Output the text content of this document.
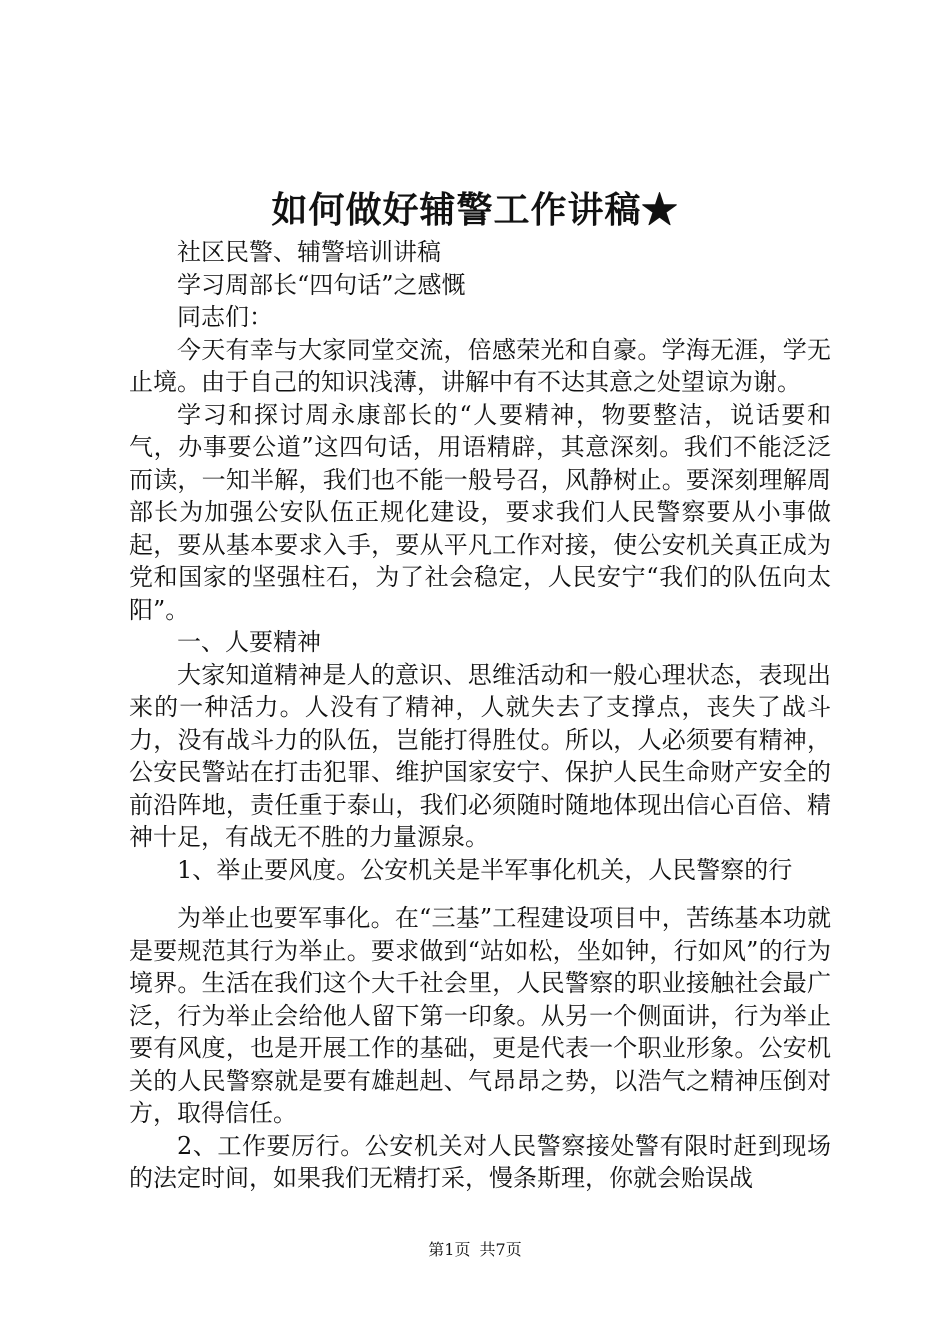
如何做好辅警工作讲稿★

社区民警、辅警培训讲稿

学习周部长“四句话”之感慨

同志们：

今天有幸与大家同堂交流，倍感荣光和自豪。学海无涯，学无止境。由于自己的知识浅薄，讲解中有不达其意之处望谅为谢。

学习和探讨周永康部长的“人要精神，物要整洁，说话要和气，办事要公道”这四句话，用语精辟，其意深刻。我们不能泛泛而读，一知半解，我们也不能一般号召，风静树止。要深刻理解周部长为加强公安队伍正规化建设，要求我们人民警察要从小事做起，要从基本要求入手，要从平凡工作对接，使公安机关真正成为党和国家的坚强柱石，为了社会稳定，人民安宁“我们的队伍向太阳”。

一、人要精神

大家知道精神是人的意识、思维活动和一般心理状态，表现出来的一种活力。人没有了精神，人就失去了支撑点，丧失了战斗力，没有战斗力的队伍，岂能打得胜仗。所以，人必须要有精神，公安民警站在打击犯罪、维护国家安宁、保护人民生命财产安全的前沿阵地，责任重于泰山，我们必须随时随地体现出信心百倍、精神十足，有战无不胜的力量源泉。

1、举止要风度。公安机关是半军事化机关，人民警察的行

为举止也要军事化。在“三基”工程建设项目中，苦练基本功就是要规范其行为举止。要求做到“站如松，坐如钟，行如风”的行为境界。生活在我们这个大千社会里，人民警察的职业接触社会最广泛，行为举止会给他人留下第一印象。从另一个侧面讲，行为举止要有风度，也是开展工作的基础，更是代表一个职业形象。公安机关的人民警察就是要有雄赳赳、气昂昂之势，以浩气之精神压倒对方，取得信任。

2、工作要厉行。公安机关对人民警察接处警有限时赶到现场的法定时间，如果我们无精打采，慢条斯理，你就会贻误战

第1页 共7页
